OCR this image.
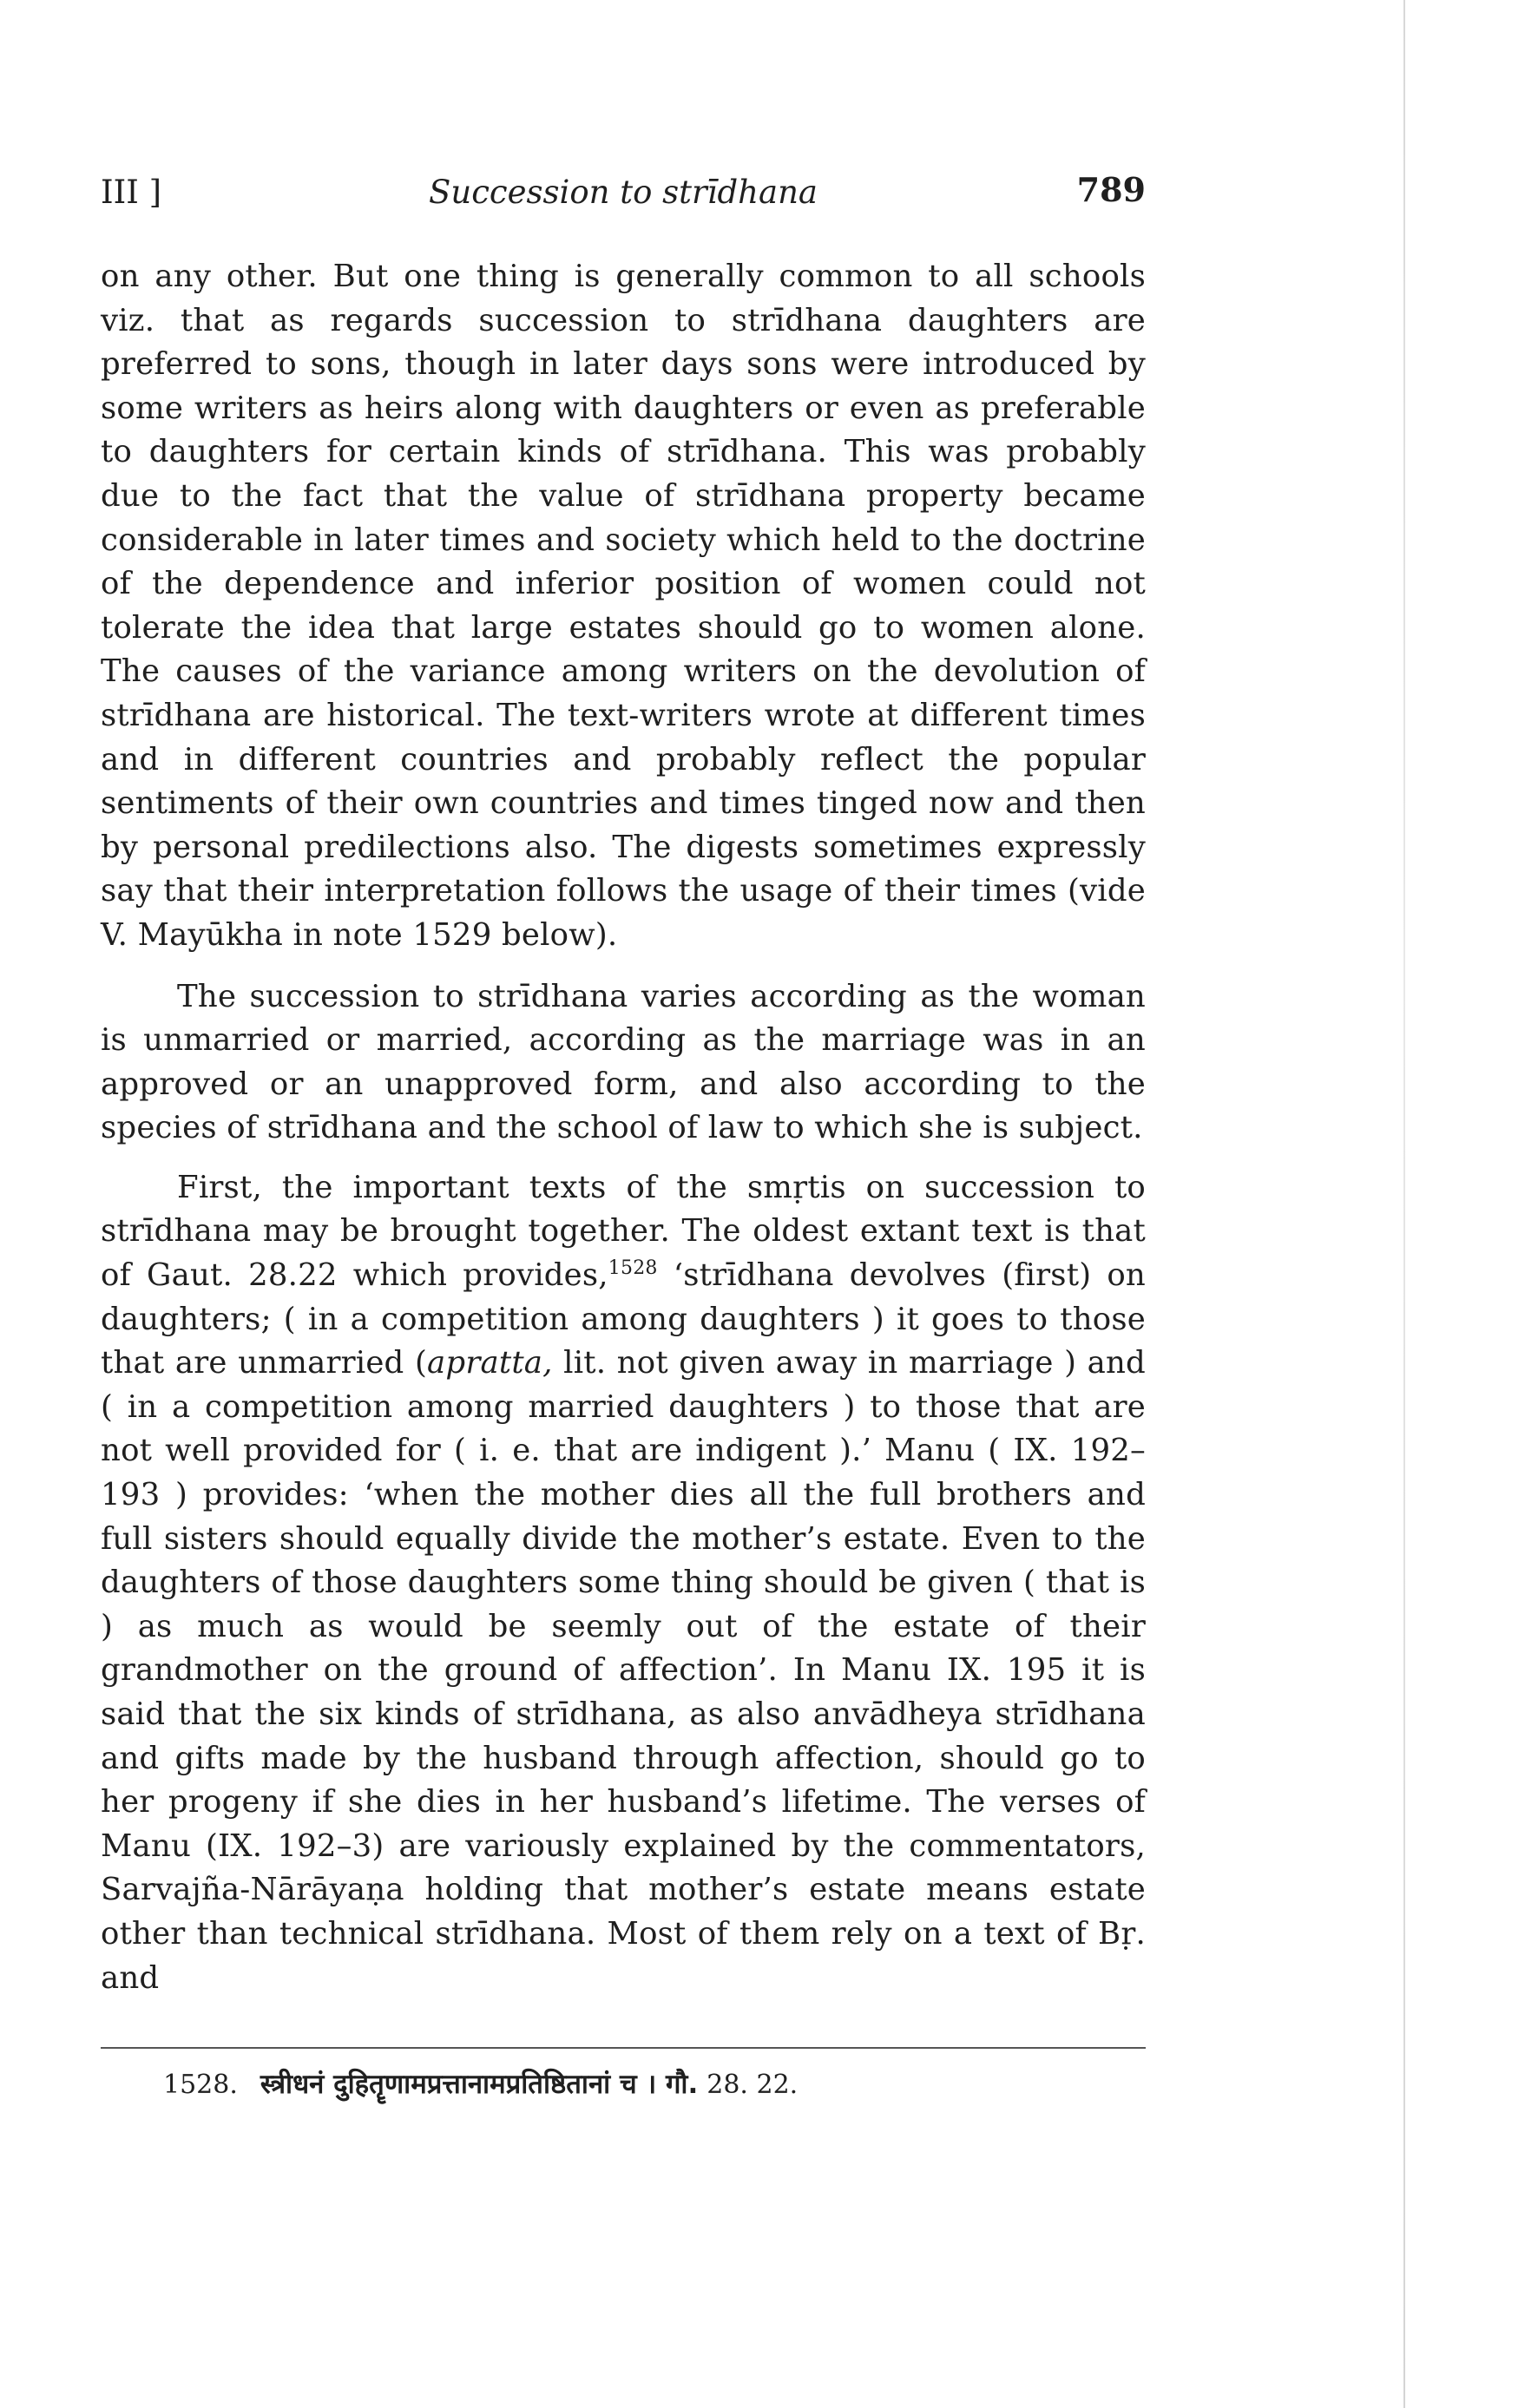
III ]	Succession to strīdhana	789

on any other. But one thing is generally common to all schools viz. that as regards succession to strīdhana daughters are preferred to sons, though in later days sons were introduced by some writers as heirs along with daughters or even as preferable to daughters for certain kinds of strīdhana. This was probably due to the fact that the value of strīdhana property became considerable in later times and society which held to the doctrine of the dependence and inferior position of women could not tolerate the idea that large estates should go to women alone. The causes of the variance among writers on the devolution of strīdhana are historical. The text-writers wrote at different times and in different countries and probably reflect the popular sentiments of their own countries and times tinged now and then by personal predilections also. The digests sometimes expressly say that their interpretation follows the usage of their times (vide V. Mayūkha in note 1529 below).

The succession to strīdhana varies according as the woman is unmarried or married, according as the marriage was in an approved or an unapproved form, and also according to the species of strīdhana and the school of law to which she is subject.

First, the important texts of the smṛtis on succession to strīdhana may be brought together. The oldest extant text is that of Gaut. 28.22 which provides,$^{1528}$ ‘strīdhana devolves (first) on daughters; ( in a competition among daughters ) it goes to those that are unmarried (apratta, lit. not given away in marriage ) and ( in a competition among married daughters ) to those that are not well provided for ( i. e. that are indigent ).’ Manu ( IX. 192–193 ) provides: ‘when the mother dies all the full brothers and full sisters should equally divide the mother’s estate. Even to the daughters of those daughters some thing should be given ( that is ) as much as would be seemly out of the estate of their grandmother on the ground of affection’. In Manu IX. 195 it is said that the six kinds of strīdhana, as also anvādheya strīdhana and gifts made by the husband through affection, should go to her progeny if she dies in her husband’s lifetime. The verses of Manu (IX. 192–3) are variously explained by the commentators, Sarvajña-Nārāyaṇa holding that mother’s estate means estate other than technical strīdhana. Most of them rely on a text of Bṛ. and

1528. स्त्रीधनं दुहितॄणामप्रत्तानामप्रतिष्ठितानां च । गौ. 28. 22.
